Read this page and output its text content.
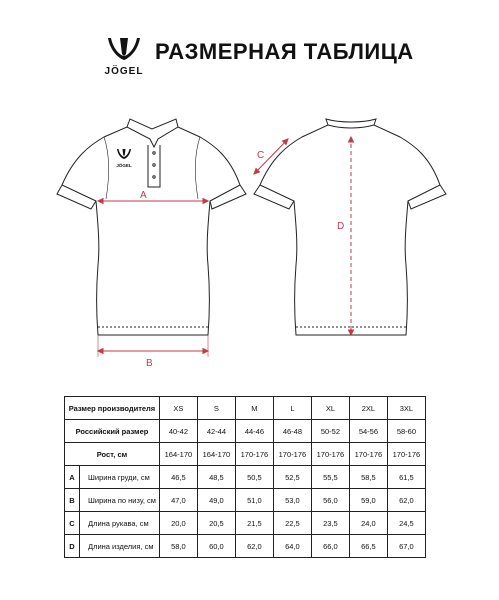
JÖGEL
РАЗМЕРНАЯ ТАБЛИЦА
JÖGEL
A
B
C
D
Размер производителя		XS	S	M	L	XL	2XL	3XL
Российский размер		40-42	42-44	44-46	46-48	50-52	54-56	58-60
Рост, см		164-170	164-170	170-176	170-176	170-176	170-176	170-176
A	Ширина груди, см	46,5	48,5	50,5	52,5	55,5	58,5	61,5
B	Ширина по низу, см	47,0	49,0	51,0	53,0	56,0	59,0	62,0
C	Длина рукава, см	20,0	20,5	21,5	22,5	23,5	24,0	24,5
D	Длина изделия, см	58,0	60,0	62,0	64,0	66,0	66,5	67,0
